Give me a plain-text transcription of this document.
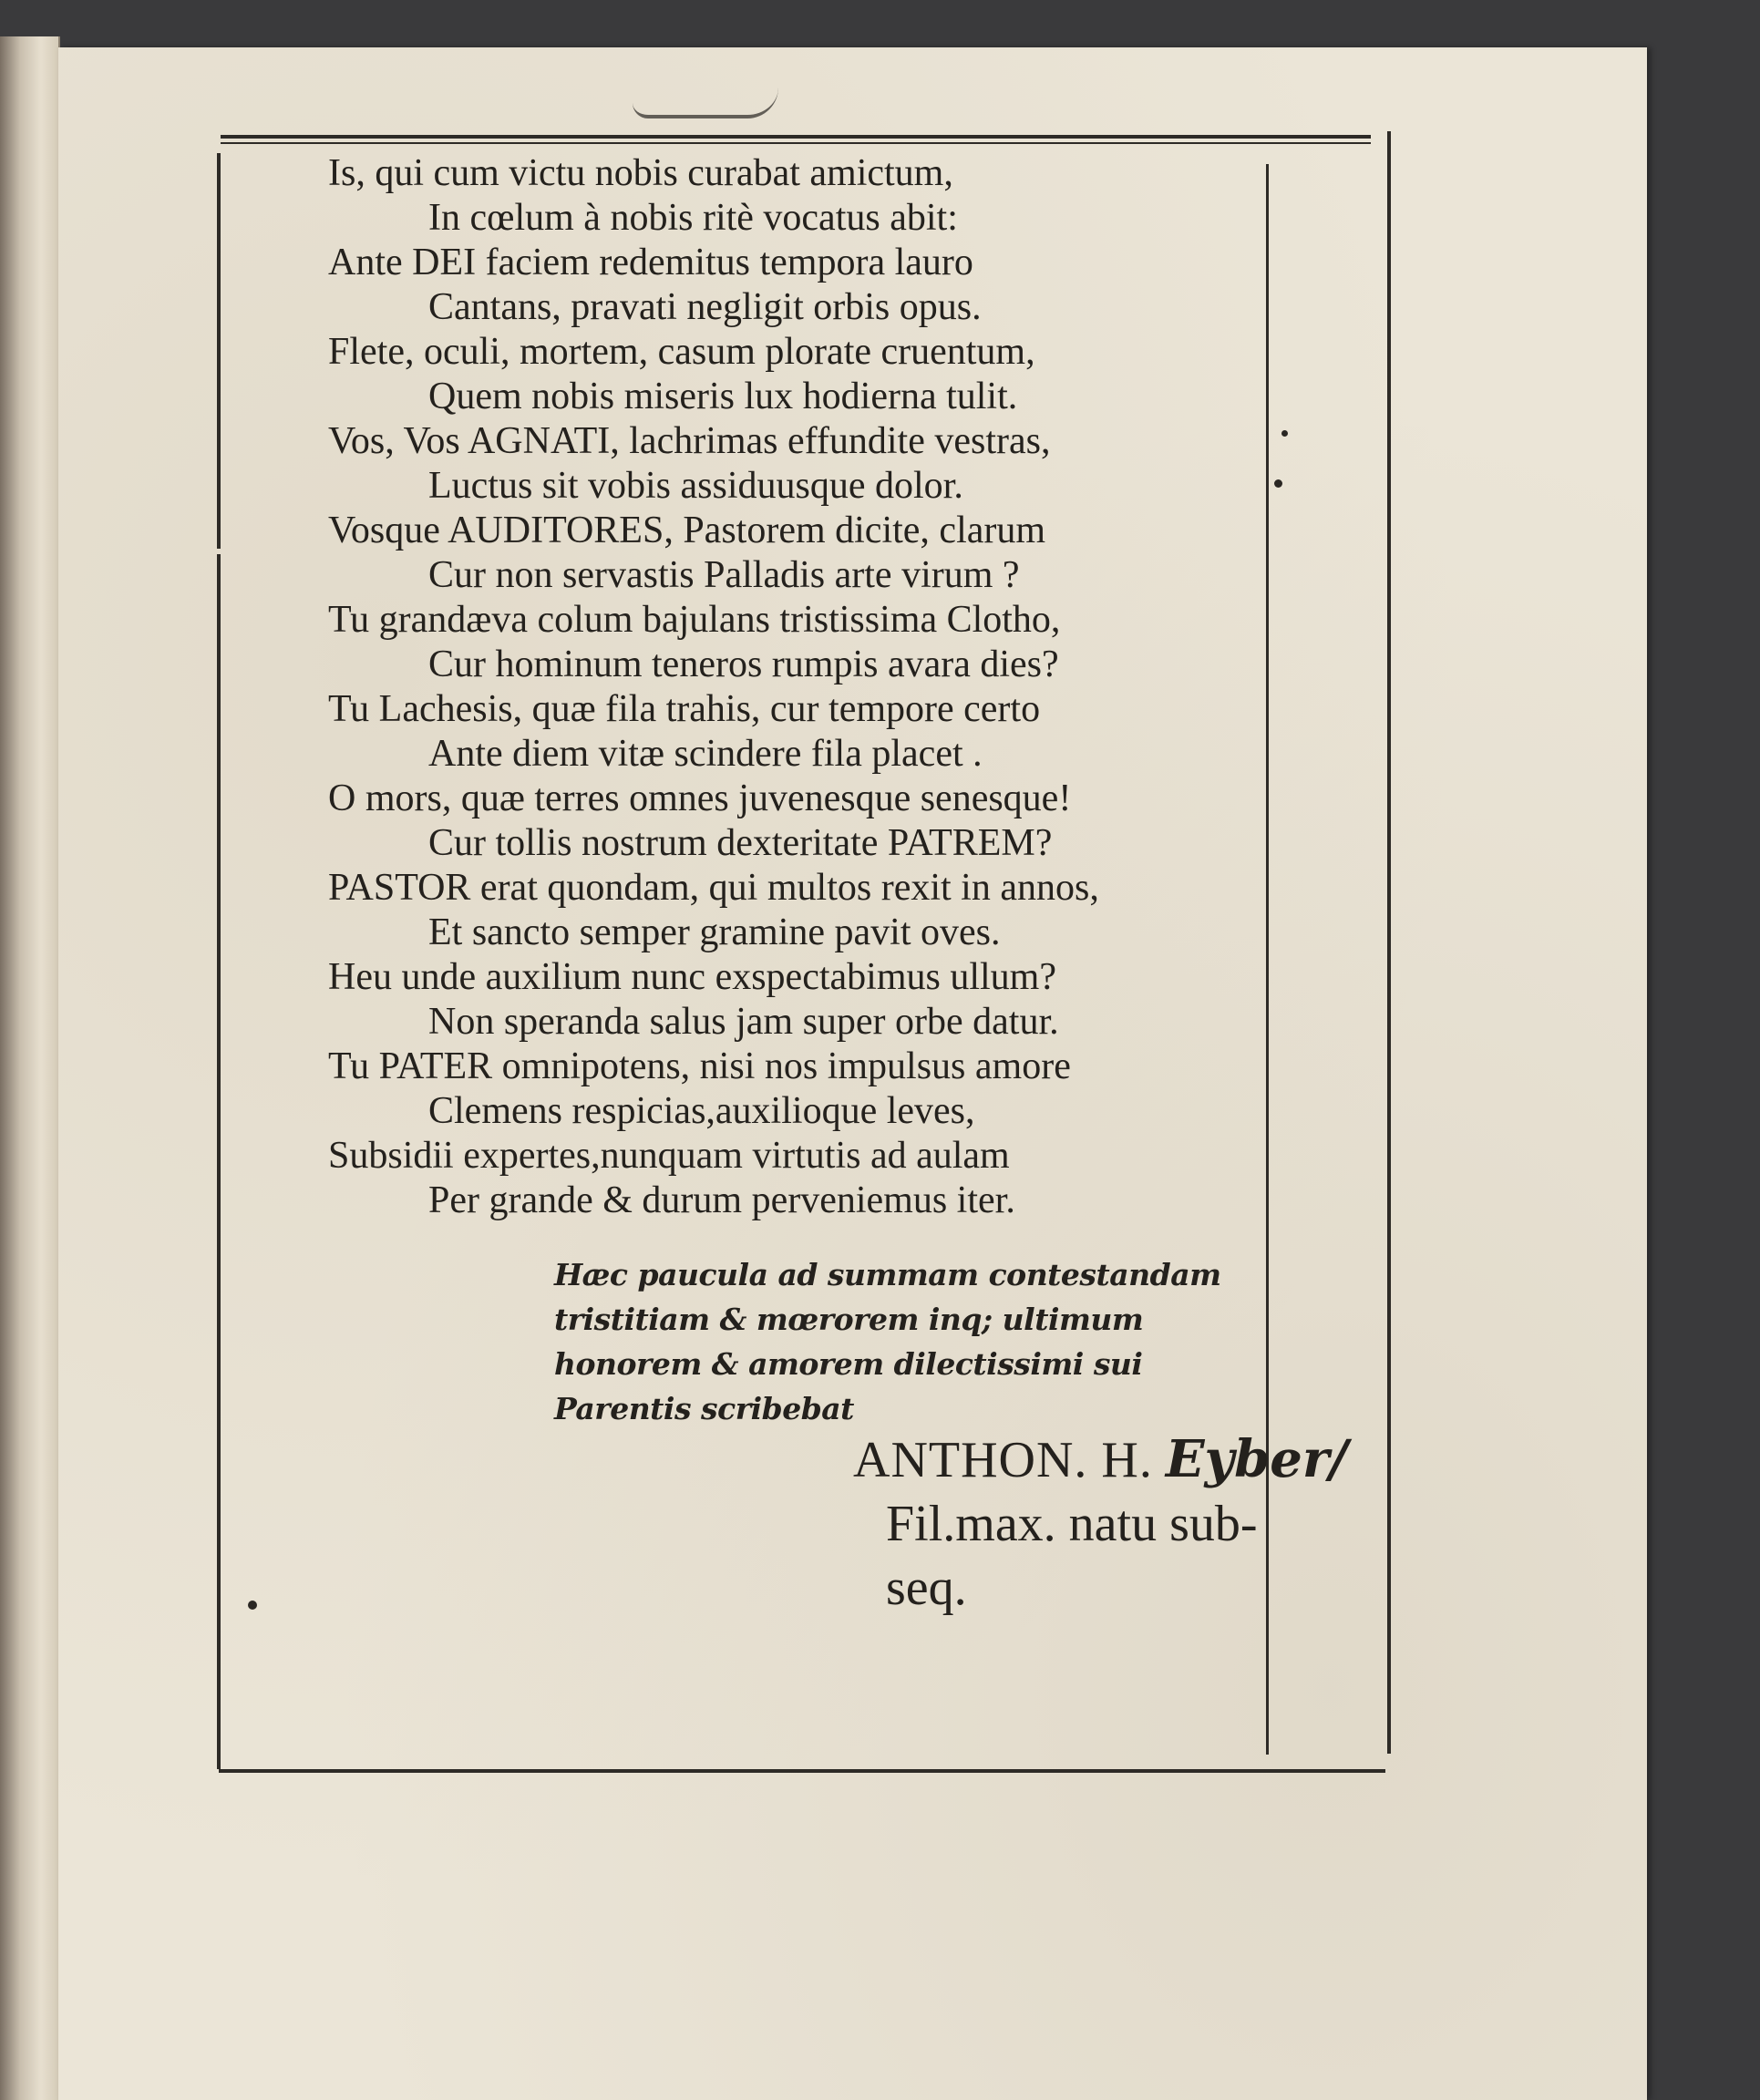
Is, qui cum victu nobis curabat amictum,
In cœlum à nobis ritè vocatus abit:
Ante DEI faciem redemitus tempora lauro
Cantans, pravati negligit orbis opus.
Flete, oculi, mortem, casum plorate cruentum,
Quem nobis miseris lux hodierna tulit.
Vos, Vos AGNATI, lachrimas effundite vestras,
Luctus sit vobis assiduusque dolor.
Vosque AUDITORES, Pastorem dicite, clarum
Cur non servastis Palladis arte virum ?
Tu grandæva colum bajulans tristissima Clotho,
Cur hominum teneros rumpis avara dies?
Tu Lachesis, quæ fila trahis, cur tempore certo
Ante diem vitæ scindere fila placet .
O mors, quæ terres omnes juvenesque senesque!
Cur tollis nostrum dexteritate PATREM?
PASTOR erat quondam, qui multos rexit in annos,
Et sancto semper gramine pavit oves.
Heu unde auxilium nunc exspectabimus ullum?
Non speranda salus jam super orbe datur.
Tu PATER omnipotens, nisi nos impulsus amore
Clemens respicias,auxilioque leves,
Subsidii expertes,nunquam virtutis ad aulam
Per grande & durum perveniemus iter.
Hæc paucula ad summam contestandam
tristitiam & mœrorem inq; ultimum
honorem & amorem dilectissimi sui
Parentis scribebat
ANTHON. H. Eyber/
Fil.max. natu sub-
seq.
